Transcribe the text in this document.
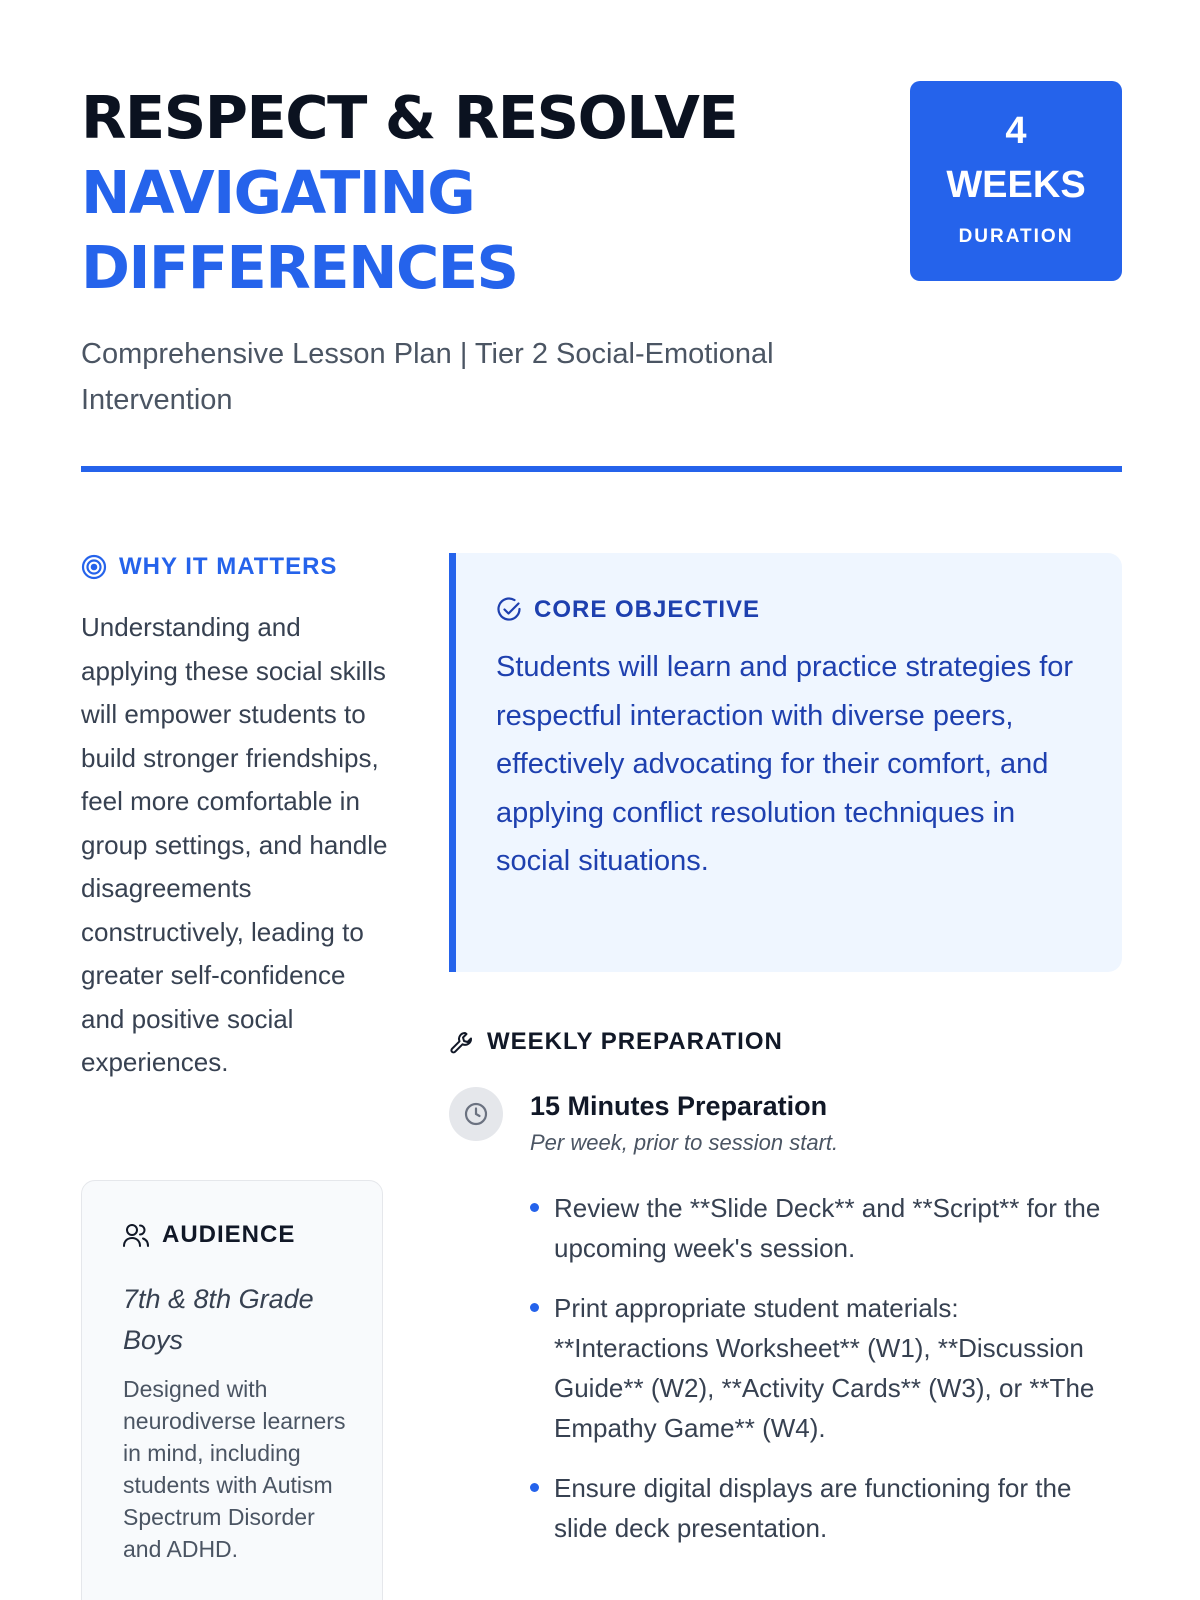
RESPECT & RESOLVE
NAVIGATING
DIFFERENCES
4
WEEKS
DURATION
Comprehensive Lesson Plan | Tier 2 Social-Emotional Intervention
WHY IT MATTERS
Understanding and applying these social skills will empower students to build stronger friendships, feel more comfortable in group settings, and handle disagreements constructively, leading to greater self-confidence and positive social experiences.
AUDIENCE
7th & 8th Grade Boys
Designed with neurodiverse learners in mind, including students with Autism Spectrum Disorder and ADHD.
CORE OBJECTIVE
Students will learn and practice strategies for respectful interaction with diverse peers, effectively advocating for their comfort, and applying conflict resolution techniques in social situations.
WEEKLY PREPARATION
15 Minutes Preparation
Per week, prior to session start.
Review the **Slide Deck** and **Script** for the upcoming week's session.
Print appropriate student materials: **Interactions Worksheet** (W1), **Discussion Guide** (W2), **Activity Cards** (W3), or **The Empathy Game** (W4).
Ensure digital displays are functioning for the slide deck presentation.
